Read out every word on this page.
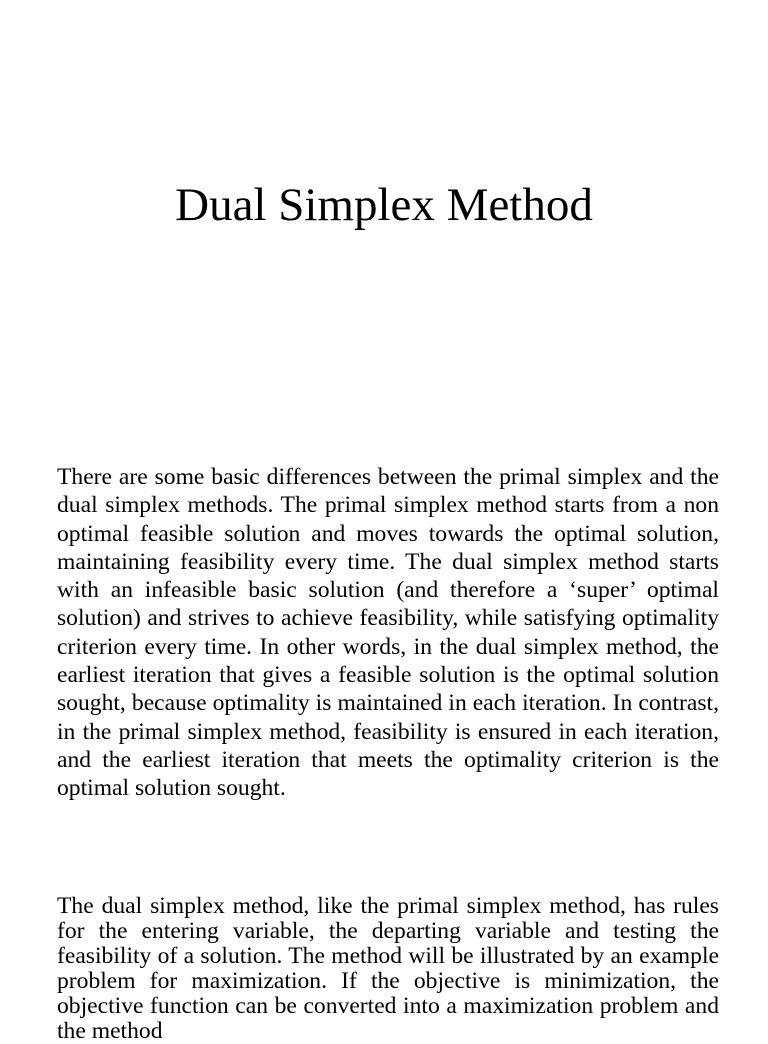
Dual Simplex Method

There are some basic differences between the primal simplex and the dual simplex methods. The primal simplex method starts from a non optimal feasible solution and moves towards the optimal solution, maintaining feasibility every time. The dual simplex method starts with an infeasible basic solution (and therefore a ‘super’ optimal solution) and strives to achieve feasibility, while satisfying optimality criterion every time. In other words, in the dual simplex method, the earliest iteration that gives a feasible solution is the optimal solution sought, because optimality is maintained in each iteration. In contrast, in the primal simplex method, feasibility is ensured in each iteration, and the earliest iteration that meets the optimality criterion is the optimal solution sought.

The dual simplex method, like the primal simplex method, has rules for the entering variable, the departing variable and testing the feasibility of a solution. The method will be illustrated by an example problem for maximization. If the objective is minimization, the objective function can be converted into a maximization problem and the method
